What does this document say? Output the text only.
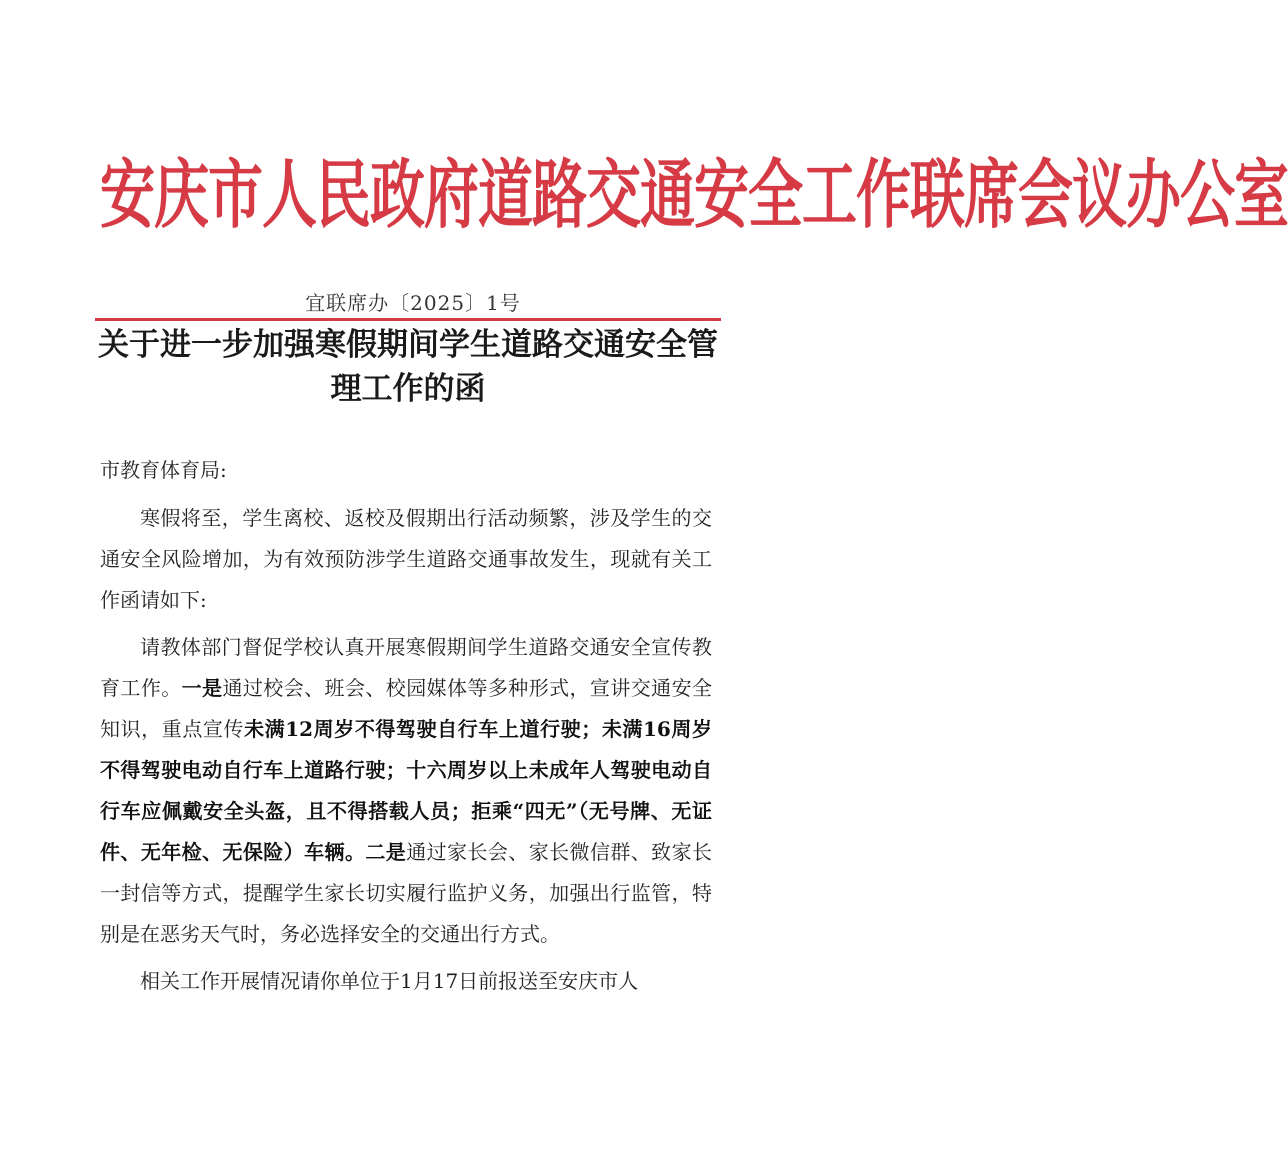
安庆市人民政府道路交通安全工作联席会议办公室
宜联席办〔2025〕1号
关于进一步加强寒假期间学生道路交通安全管
理工作的函

市教育体育局:

寒假将至，学生离校、返校及假期出行活动频繁，涉及学生的交通安全风险增加，为有效预防涉学生道路交通事故发生，现就有关工作函请如下:

请教体部门督促学校认真开展寒假期间学生道路交通安全宣传教育工作。一是通过校会、班会、校园媒体等多种形式，宣讲交通安全知识，重点宣传未满12周岁不得驾驶自行车上道行驶；未满16周岁不得驾驶电动自行车上道路行驶；十六周岁以上未成年人驾驶电动自行车应佩戴安全头盔，且不得搭载人员；拒乘“四无”（无号牌、无证件、无年检、无保险）车辆。二是通过家长会、家长微信群、致家长一封信等方式，提醒学生家长切实履行监护义务，加强出行监管，特别是在恶劣天气时，务必选择安全的交通出行方式。

相关工作开展情况请你单位于1月17日前报送至安庆市人
